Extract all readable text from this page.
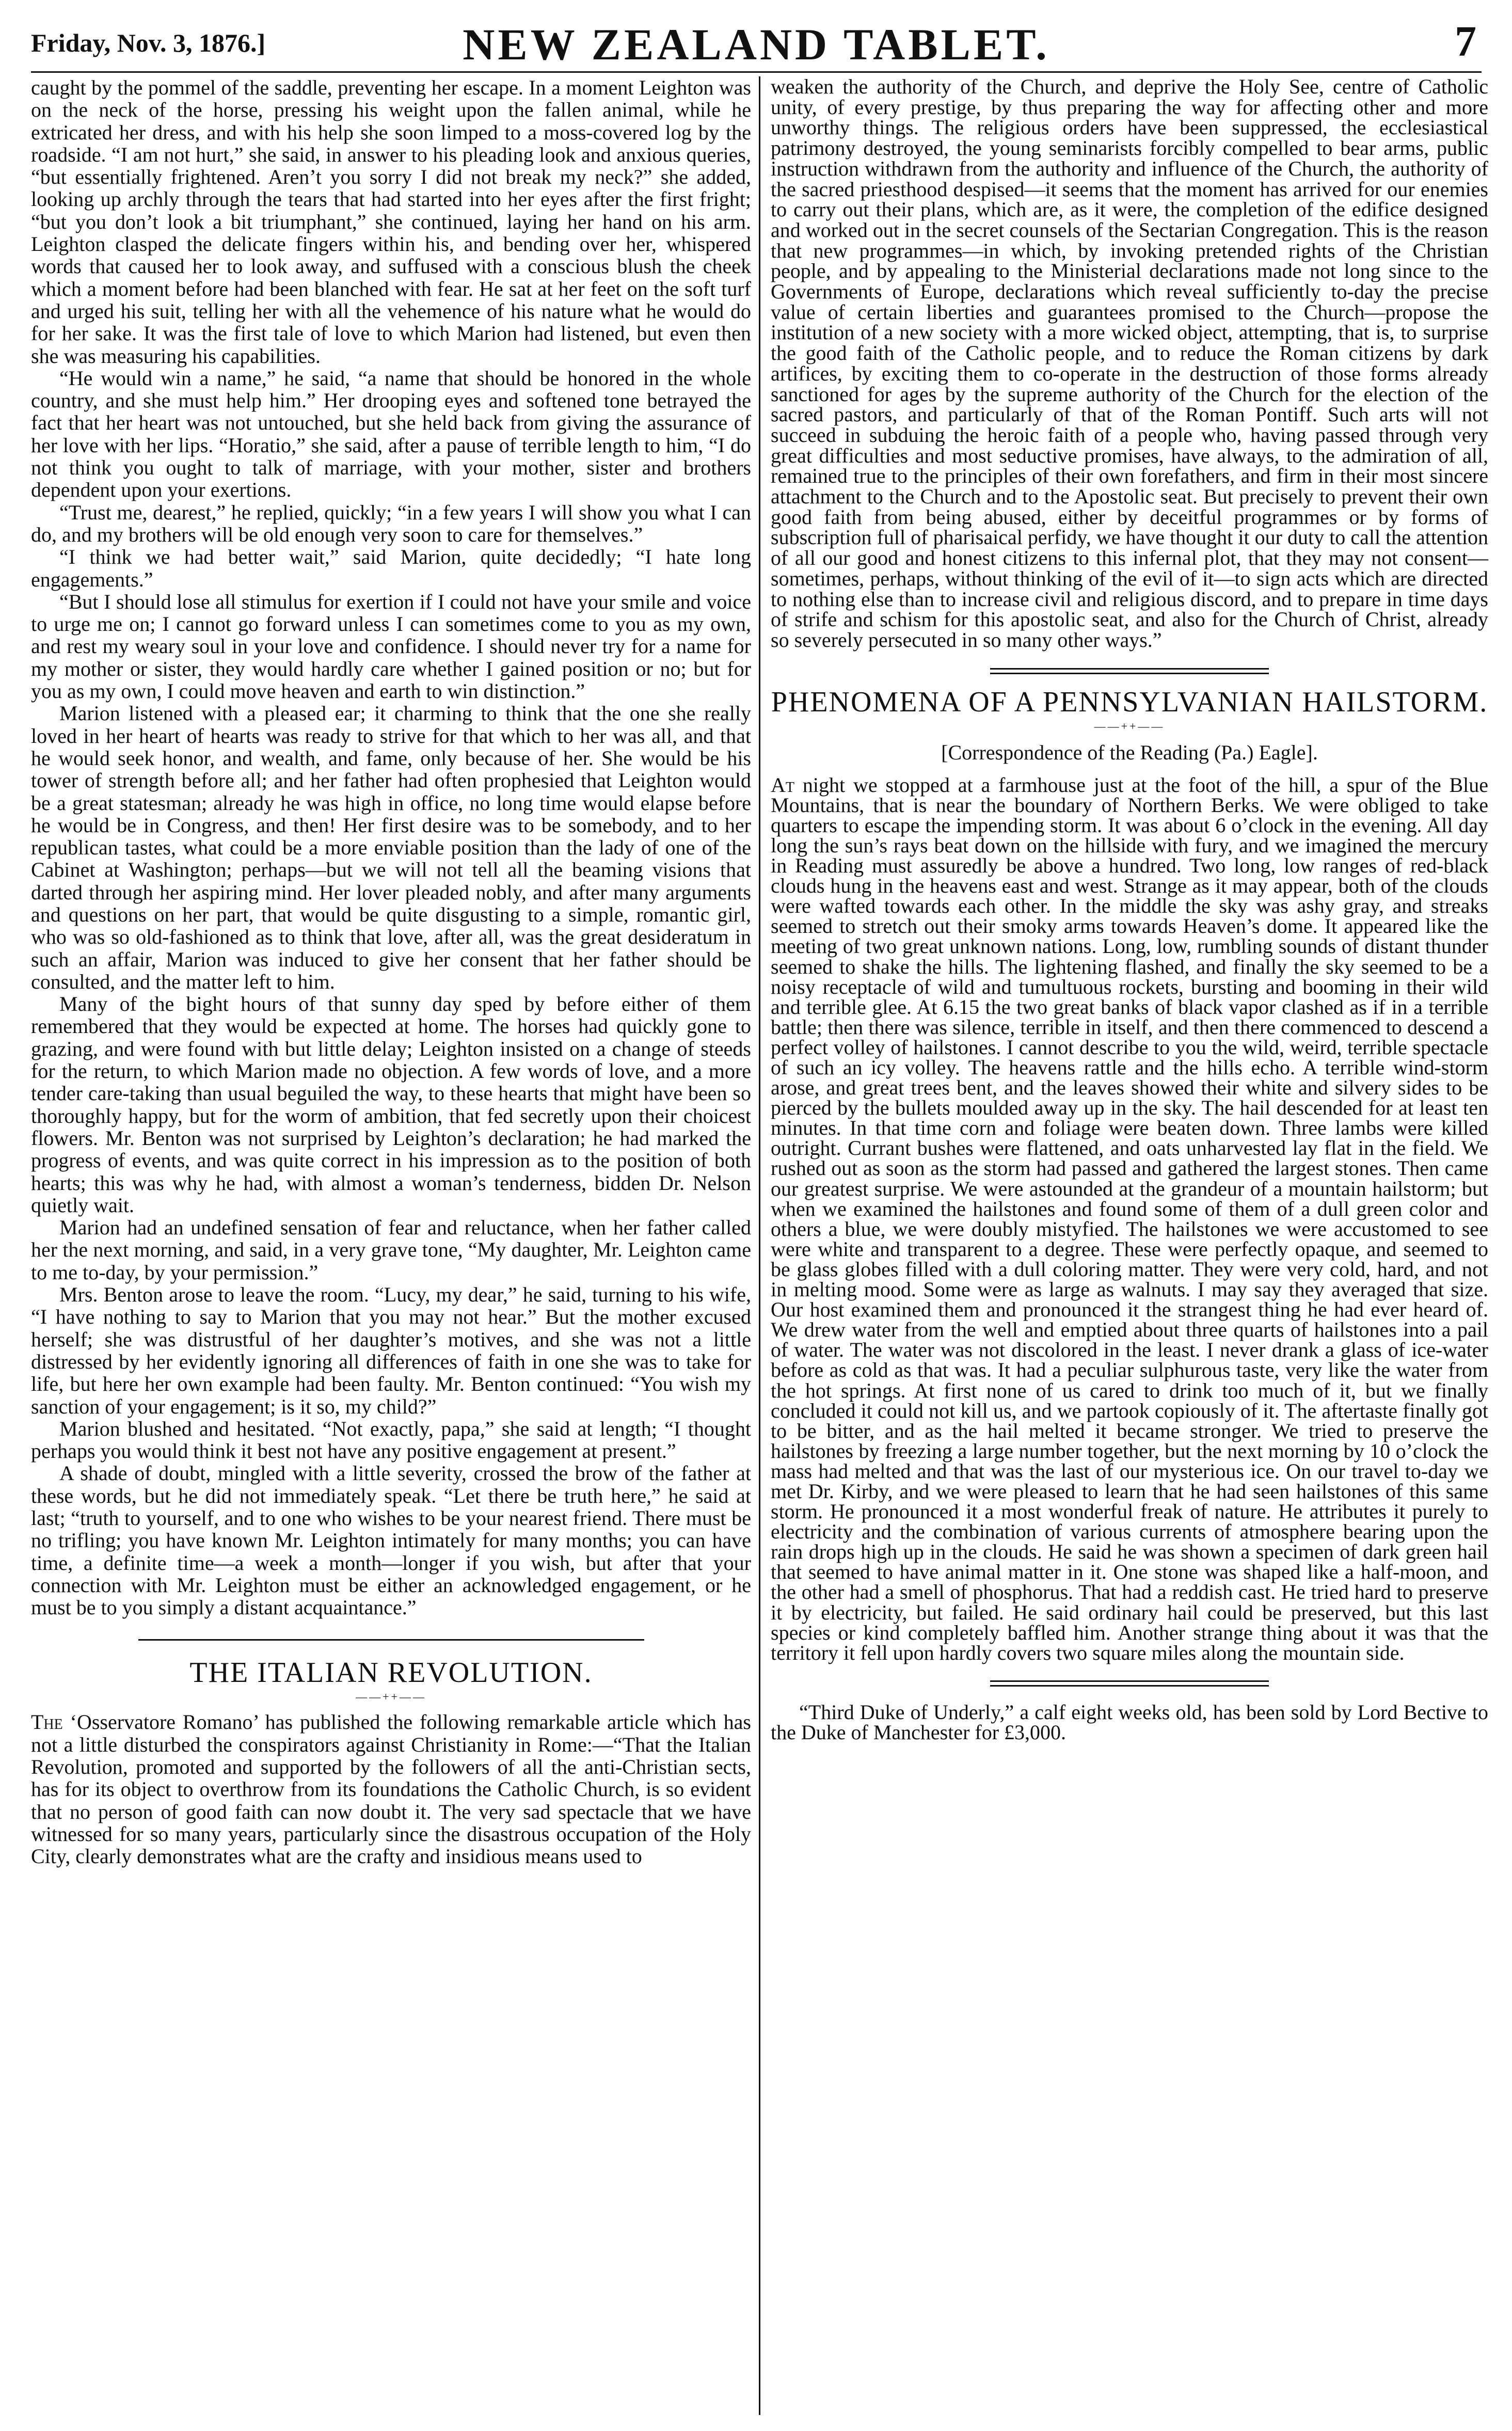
Friday, Nov. 3, 1876.]	NEW ZEALAND TABLET.	7

caught by the pommel of the saddle, preventing her escape. In a moment Leighton was on the neck of the horse, pressing his weight upon the fallen animal, while he extricated her dress, and with his help she soon limped to a moss-covered log by the roadside. “I am not hurt,” she said, in answer to his pleading look and anxious queries, “but essentially frightened. Aren’t you sorry I did not break my neck?” she added, looking up archly through the tears that had started into her eyes after the first fright; “but you don’t look a bit triumphant,” she continued, laying her hand on his arm. Leighton clasped the delicate fingers within his, and bending over her, whispered words that caused her to look away, and suffused with a conscious blush the cheek which a moment before had been blanched with fear. He sat at her feet on the soft turf and urged his suit, telling her with all the vehemence of his nature what he would do for her sake. It was the first tale of love to which Marion had listened, but even then she was measuring his capabilities.

“He would win a name,” he said, “a name that should be honored in the whole country, and she must help him.” Her drooping eyes and softened tone betrayed the fact that her heart was not untouched, but she held back from giving the assurance of her love with her lips. “Horatio,” she said, after a pause of terrible length to him, “I do not think you ought to talk of marriage, with your mother, sister and brothers dependent upon your exertions.

“Trust me, dearest,” he replied, quickly; “in a few years I will show you what I can do, and my brothers will be old enough very soon to care for themselves.”

“I think we had better wait,” said Marion, quite decidedly; “I hate long engagements.”

“But I should lose all stimulus for exertion if I could not have your smile and voice to urge me on; I cannot go forward unless I can sometimes come to you as my own, and rest my weary soul in your love and confidence. I should never try for a name for my mother or sister, they would hardly care whether I gained position or no; but for you as my own, I could move heaven and earth to win distinction.”

Marion listened with a pleased ear; it charming to think that the one she really loved in her heart of hearts was ready to strive for that which to her was all, and that he would seek honor, and wealth, and fame, only because of her. She would be his tower of strength before all; and her father had often prophesied that Leighton would be a great statesman; already he was high in office, no long time would elapse before he would be in Congress, and then! Her first desire was to be somebody, and to her republican tastes, what could be a more enviable position than the lady of one of the Cabinet at Washington; perhaps—but we will not tell all the beaming visions that darted through her aspiring mind. Her lover pleaded nobly, and after many arguments and questions on her part, that would be quite disgusting to a simple, romantic girl, who was so old-fashioned as to think that love, after all, was the great desideratum in such an affair, Marion was induced to give her consent that her father should be consulted, and the matter left to him.

Many of the bight hours of that sunny day sped by before either of them remembered that they would be expected at home. The horses had quickly gone to grazing, and were found with but little delay; Leighton insisted on a change of steeds for the return, to which Marion made no objection. A few words of love, and a more tender care-taking than usual beguiled the way, to these hearts that might have been so thoroughly happy, but for the worm of ambition, that fed secretly upon their choicest flowers. Mr. Benton was not surprised by Leighton’s declaration; he had marked the progress of events, and was quite correct in his impression as to the position of both hearts; this was why he had, with almost a woman’s tenderness, bidden Dr. Nelson quietly wait.

Marion had an undefined sensation of fear and reluctance, when her father called her the next morning, and said, in a very grave tone, “My daughter, Mr. Leighton came to me to-day, by your permission.”

Mrs. Benton arose to leave the room. “Lucy, my dear,” he said, turning to his wife, “I have nothing to say to Marion that you may not hear.” But the mother excused herself; she was distrustful of her daughter’s motives, and she was not a little distressed by her evidently ignoring all differences of faith in one she was to take for life, but here her own example had been faulty. Mr. Benton continued: “You wish my sanction of your engagement; is it so, my child?”

Marion blushed and hesitated. “Not exactly, papa,” she said at length; “I thought perhaps you would think it best not have any positive engagement at present.”

A shade of doubt, mingled with a little severity, crossed the brow of the father at these words, but he did not immediately speak. “Let there be truth here,” he said at last; “truth to yourself, and to one who wishes to be your nearest friend. There must be no trifling; you have known Mr. Leighton intimately for many months; you can have time, a definite time—a week a month—longer if you wish, but after that your connection with Mr. Leighton must be either an acknowledged engagement, or he must be to you simply a distant acquaintance.”

THE ITALIAN REVOLUTION.
——++——

The ‘Osservatore Romano’ has published the following remarkable article which has not a little disturbed the conspirators against Christianity in Rome:—“That the Italian Revolution, promoted and supported by the followers of all the anti-Christian sects, has for its object to overthrow from its foundations the Catholic Church, is so evident that no person of good faith can now doubt it. The very sad spectacle that we have witnessed for so many years, particularly since the disastrous occupation of the Holy City, clearly demonstrates what are the crafty and insidious means used to

weaken the authority of the Church, and deprive the Holy See, centre of Catholic unity, of every prestige, by thus preparing the way for affecting other and more unworthy things. The religious orders have been suppressed, the ecclesiastical patrimony destroyed, the young seminarists forcibly compelled to bear arms, public instruction withdrawn from the authority and influence of the Church, the authority of the sacred priesthood despised—it seems that the moment has arrived for our enemies to carry out their plans, which are, as it were, the completion of the edifice designed and worked out in the secret counsels of the Sectarian Congregation. This is the reason that new programmes—in which, by invoking pretended rights of the Christian people, and by appealing to the Ministerial declarations made not long since to the Governments of Europe, declarations which reveal sufficiently to-day the precise value of certain liberties and guarantees promised to the Church—propose the institution of a new society with a more wicked object, attempting, that is, to surprise the good faith of the Catholic people, and to reduce the Roman citizens by dark artifices, by exciting them to co-operate in the destruction of those forms already sanctioned for ages by the supreme authority of the Church for the election of the sacred pastors, and particularly of that of the Roman Pontiff. Such arts will not succeed in subduing the heroic faith of a people who, having passed through very great difficulties and most seductive promises, have always, to the admiration of all, remained true to the principles of their own forefathers, and firm in their most sincere attachment to the Church and to the Apostolic seat. But precisely to prevent their own good faith from being abused, either by deceitful programmes or by forms of subscription full of pharisaical perfidy, we have thought it our duty to call the attention of all our good and honest citizens to this infernal plot, that they may not consent—sometimes, perhaps, without thinking of the evil of it—to sign acts which are directed to nothing else than to increase civil and religious discord, and to prepare in time days of strife and schism for this apostolic seat, and also for the Church of Christ, already so severely persecuted in so many other ways.”

PHENOMENA OF A PENNSYLVANIAN HAILSTORM.
——++——
[Correspondence of the Reading (Pa.) Eagle].

At night we stopped at a farmhouse just at the foot of the hill, a spur of the Blue Mountains, that is near the boundary of Northern Berks. We were obliged to take quarters to escape the impending storm. It was about 6 o’clock in the evening. All day long the sun’s rays beat down on the hillside with fury, and we imagined the mercury in Reading must assuredly be above a hundred. Two long, low ranges of red-black clouds hung in the heavens east and west. Strange as it may appear, both of the clouds were wafted towards each other. In the middle the sky was ashy gray, and streaks seemed to stretch out their smoky arms towards Heaven’s dome. It appeared like the meeting of two great unknown nations. Long, low, rumbling sounds of distant thunder seemed to shake the hills. The lightening flashed, and finally the sky seemed to be a noisy receptacle of wild and tumultuous rockets, bursting and booming in their wild and terrible glee. At 6.15 the two great banks of black vapor clashed as if in a terrible battle; then there was silence, terrible in itself, and then there commenced to descend a perfect volley of hailstones. I cannot describe to you the wild, weird, terrible spectacle of such an icy volley. The heavens rattle and the hills echo. A terrible wind-storm arose, and great trees bent, and the leaves showed their white and silvery sides to be pierced by the bullets moulded away up in the sky. The hail descended for at least ten minutes. In that time corn and foliage were beaten down. Three lambs were killed outright. Currant bushes were flattened, and oats unharvested lay flat in the field. We rushed out as soon as the storm had passed and gathered the largest stones. Then came our greatest surprise. We were astounded at the grandeur of a mountain hailstorm; but when we examined the hailstones and found some of them of a dull green color and others a blue, we were doubly mistyfied. The hailstones we were accustomed to see were white and transparent to a degree. These were perfectly opaque, and seemed to be glass globes filled with a dull coloring matter. They were very cold, hard, and not in melting mood. Some were as large as walnuts. I may say they averaged that size. Our host examined them and pronounced it the strangest thing he had ever heard of. We drew water from the well and emptied about three quarts of hailstones into a pail of water. The water was not discolored in the least. I never drank a glass of ice-water before as cold as that was. It had a peculiar sulphurous taste, very like the water from the hot springs. At first none of us cared to drink too much of it, but we finally concluded it could not kill us, and we partook copiously of it. The aftertaste finally got to be bitter, and as the hail melted it became stronger. We tried to preserve the hailstones by freezing a large number together, but the next morning by 10 o’clock the mass had melted and that was the last of our mysterious ice. On our travel to-day we met Dr. Kirby, and we were pleased to learn that he had seen hailstones of this same storm. He pronounced it a most wonderful freak of nature. He attributes it purely to electricity and the combination of various currents of atmosphere bearing upon the rain drops high up in the clouds. He said he was shown a specimen of dark green hail that seemed to have animal matter in it. One stone was shaped like a half-moon, and the other had a smell of phosphorus. That had a reddish cast. He tried hard to preserve it by electricity, but failed. He said ordinary hail could be preserved, but this last species or kind completely baffled him. Another strange thing about it was that the territory it fell upon hardly covers two square miles along the mountain side.

“Third Duke of Underly,” a calf eight weeks old, has been sold by Lord Bective to the Duke of Manchester for £3,000.
